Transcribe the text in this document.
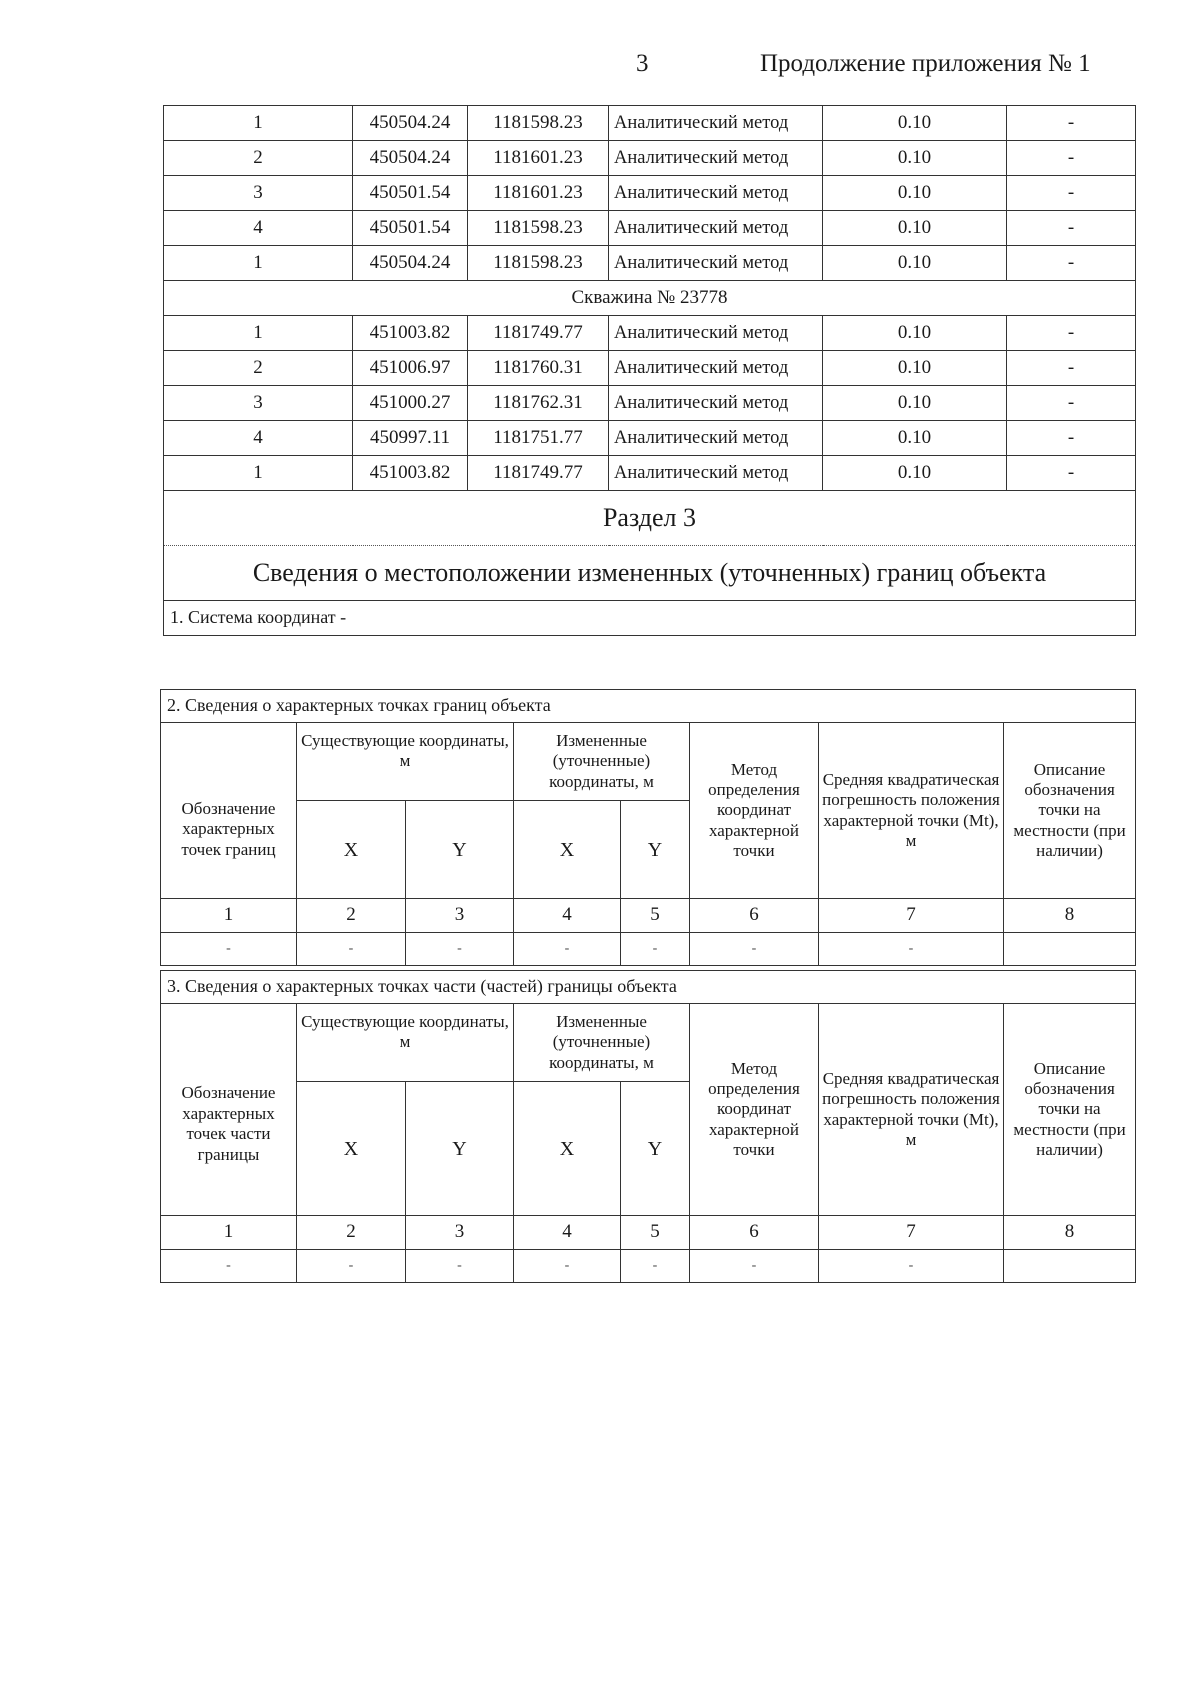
3	Продолжение приложения № 1
1	450504.24	1181598.23	Аналитический метод	0.10	-
2	450504.24	1181601.23	Аналитический метод	0.10	-
3	450501.54	1181601.23	Аналитический метод	0.10	-
4	450501.54	1181598.23	Аналитический метод	0.10	-
1	450504.24	1181598.23	Аналитический метод	0.10	-
Скважина № 23778					
1	451003.82	1181749.77	Аналитический метод	0.10	-
2	451006.97	1181760.31	Аналитический метод	0.10	-
3	451000.27	1181762.31	Аналитический метод	0.10	-
4	450997.11	1181751.77	Аналитический метод	0.10	-
1	451003.82	1181749.77	Аналитический метод	0.10	-
Раздел 3					
Сведения о местоположении измененных (уточненных) границ объекта					
1. Система координат -					
2. Сведения о характерных точках границ объекта							
Обозначение характерных точек границ	Существующие координаты, м		Измененные (уточненные) координаты, м		Метод определения координат характерной точки	Средняя квадратическая погрешность положения характерной точки (Mt), м	Описание обозначения точки на местности (при наличии)
	X	Y	X	Y			
1	2	3	4	5	6	7	8
-	-	-	-	-	-	-	
3. Сведения о характерных точках части (частей) границы объекта							
Обозначение характерных точек части границы	Существующие координаты, м		Измененные (уточненные) координаты, м		Метод определения координат характерной точки	Средняя квадратическая погрешность положения характерной точки (Mt), м	Описание обозначения точки на местности (при наличии)
	X	Y	X	Y			
1	2	3	4	5	6	7	8
-	-	-	-	-	-	-	
